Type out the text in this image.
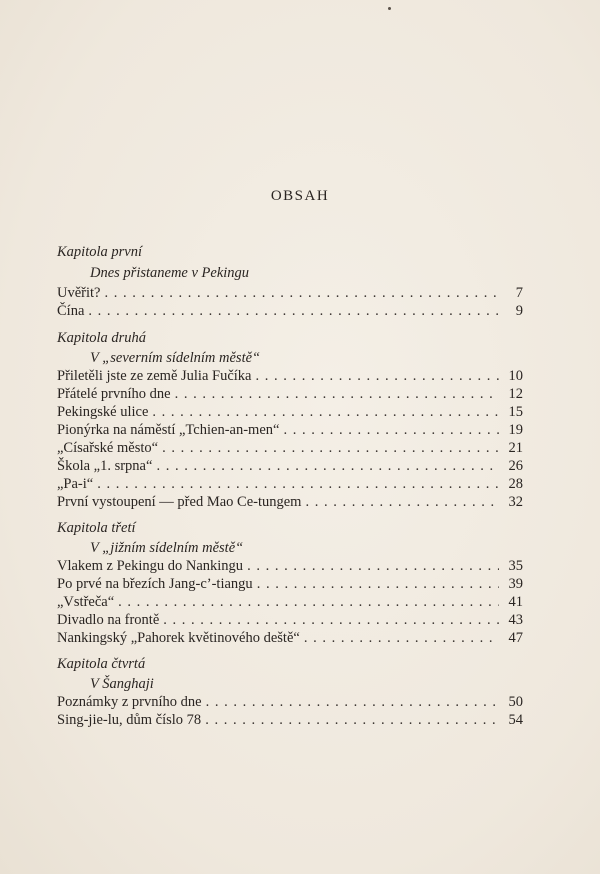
OBSAH
Kapitola první
Dnes přistaneme v Pekingu
Uvěřit? . . .	7
Čína . . .	9
Kapitola druhá
V „severním sídelním městě“
Přiletěli jste ze země Julia Fučíka . . .	10
Přátelé prvního dne . . .	12
Pekingské ulice . . .	15
Pionýrka na náměstí „Tchien-an-men“ . . .	19
„Císařské město“ . . .	21
Škola „1. srpna“ . . .	26
„Pa-i“ . . .	28
První vystoupení — před Mao Ce-tungem . . .	32
Kapitola třetí
V „jižním sídelním městě“
Vlakem z Pekingu do Nankingu . . .	35
Po prvé na březích Jang-c’-tiangu . . .	39
„Vstřeča“ . . .	41
Divadlo na frontě . . .	43
Nankingský „Pahorek květinového deště“ . . .	47
Kapitola čtvrtá
V Šanghaji
Poznámky z prvního dne . . .	50
Sing-jie-lu, dům číslo 78 . . .	54
